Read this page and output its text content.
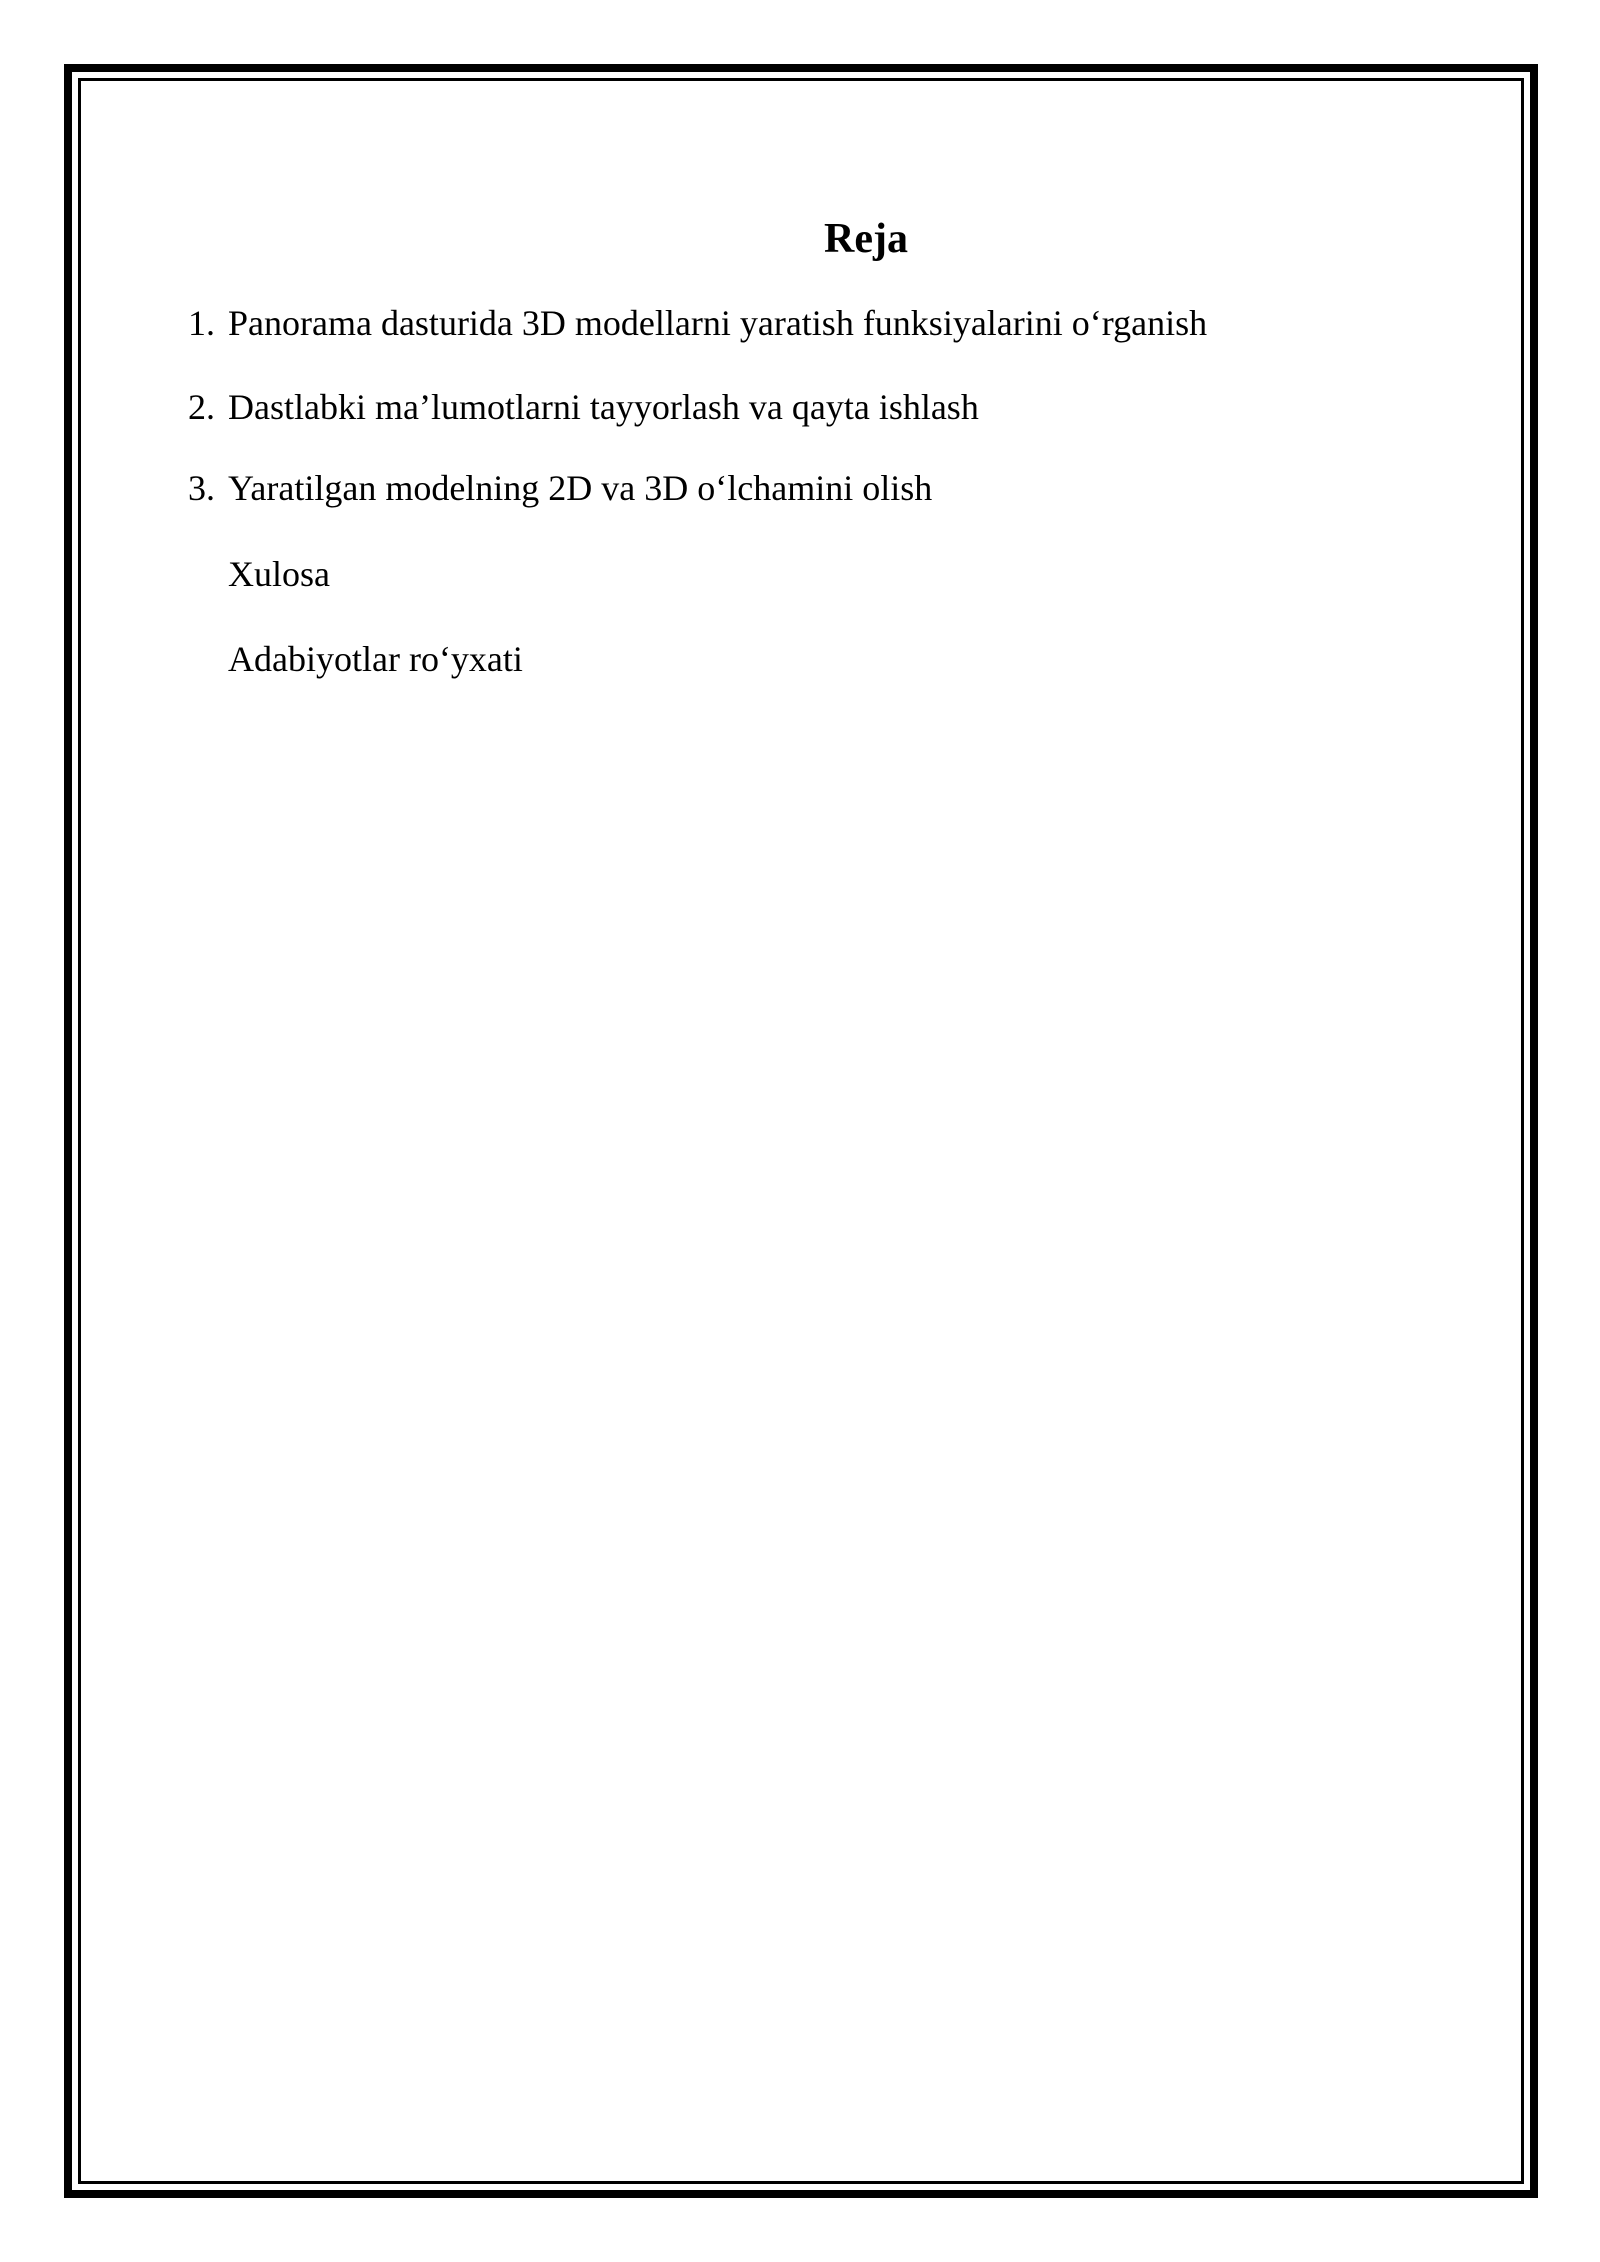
Reja
1. Panorama dasturida 3D modellarni yaratish funksiyalarini o‘rganish
2. Dastlabki ma’lumotlarni tayyorlash va qayta ishlash
3. Yaratilgan modelning 2D va 3D o‘lchamini olish
Xulosa
Adabiyotlar ro‘yxati
